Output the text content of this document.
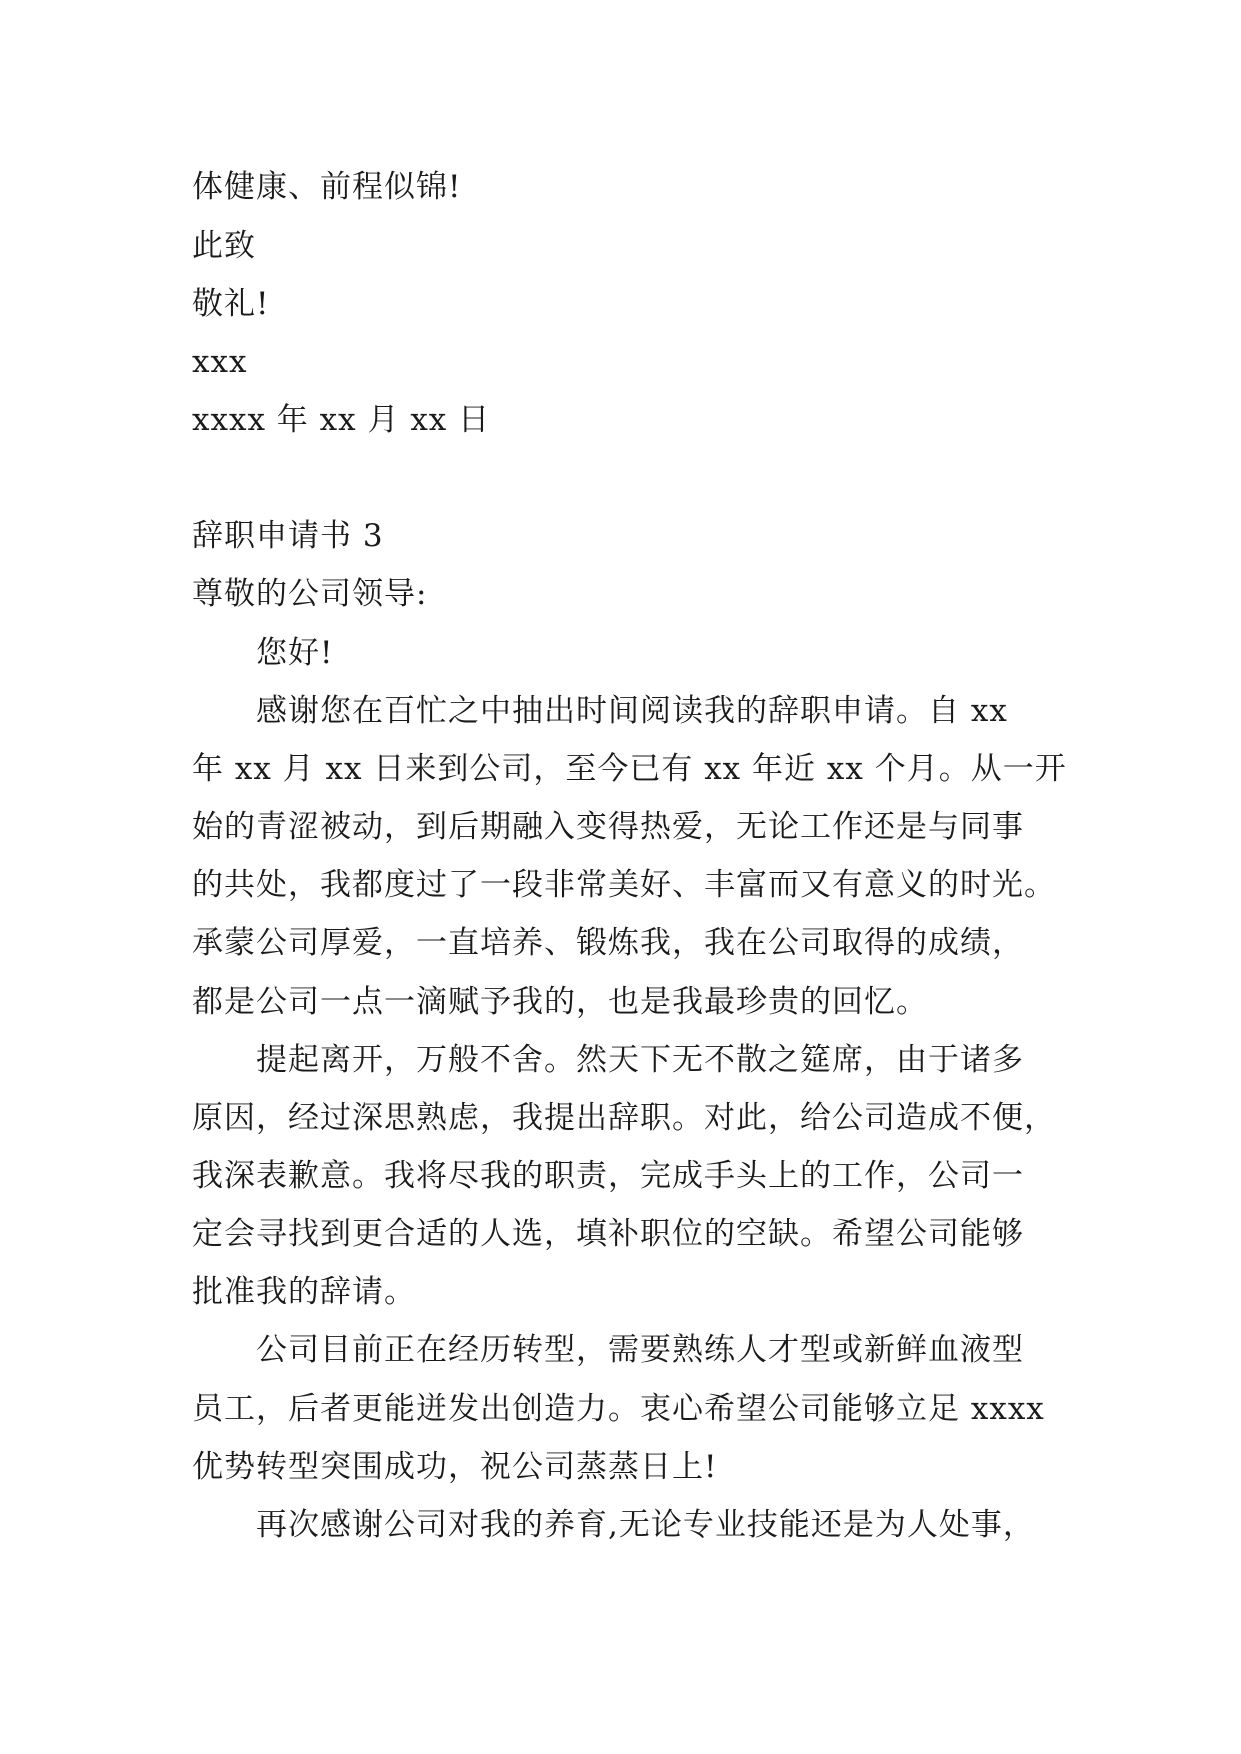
体健康、前程似锦!
此致
敬礼!
xxx
xxxx 年 xx 月 xx 日
辞职申请书 3
尊敬的公司领导:
您好!
感谢您在百忙之中抽出时间阅读我的辞职申请。自 xx
年 xx 月 xx 日来到公司，至今已有 xx 年近 xx 个月。从一开
始的青涩被动，到后期融入变得热爱，无论工作还是与同事
的共处，我都度过了一段非常美好、丰富而又有意义的时光。
承蒙公司厚爱，一直培养、锻炼我，我在公司取得的成绩，
都是公司一点一滴赋予我的，也是我最珍贵的回忆。
提起离开，万般不舍。然天下无不散之筵席，由于诸多
原因，经过深思熟虑，我提出辞职。对此，给公司造成不便，
我深表歉意。我将尽我的职责，完成手头上的工作，公司一
定会寻找到更合适的人选，填补职位的空缺。希望公司能够
批准我的辞请。
公司目前正在经历转型，需要熟练人才型或新鲜血液型
员工，后者更能迸发出创造力。衷心希望公司能够立足 xxxx
优势转型突围成功，祝公司蒸蒸日上!
再次感谢公司对我的养育,无论专业技能还是为人处事，
